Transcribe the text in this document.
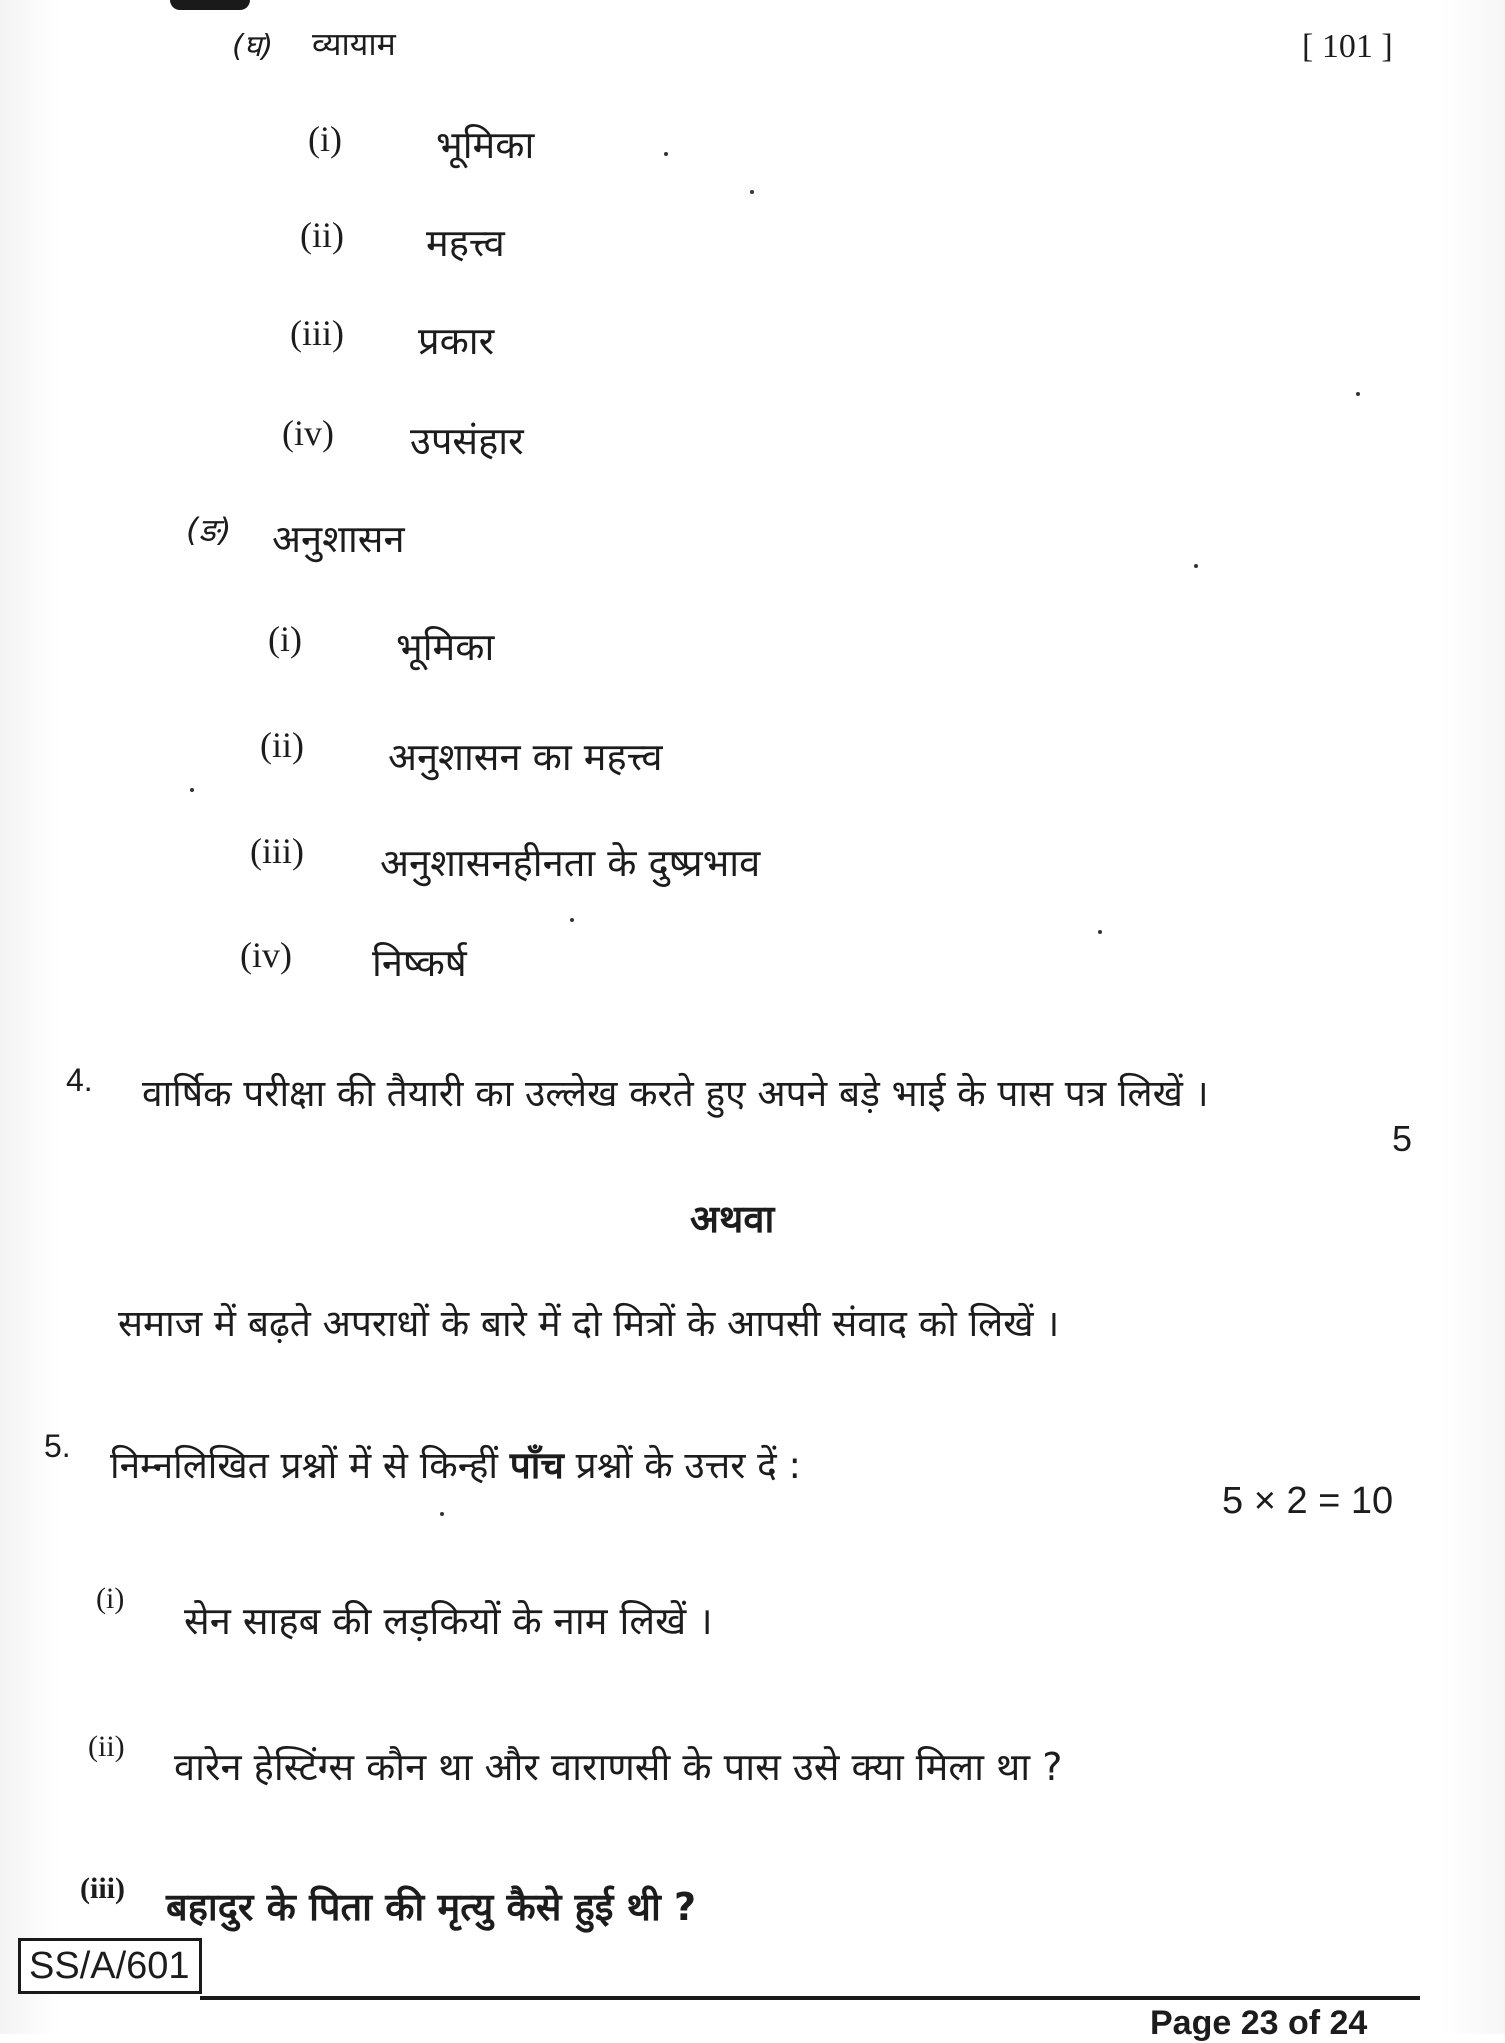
[ 101 ]
(घ) व्यायाम
(i) भूमिका
(ii) महत्त्व
(iii) प्रकार
(iv) उपसंहार
(ङ) अनुशासन
(i) भूमिका
(ii) अनुशासन का महत्त्व
(iii) अनुशासनहीनता के दुष्प्रभाव
(iv) निष्कर्ष
4. वार्षिक परीक्षा की तैयारी का उल्लेख करते हुए अपने बड़े भाई के पास पत्र लिखें ।
5
अथवा
समाज में बढ़ते अपराधों के बारे में दो मित्रों के आपसी संवाद को लिखें ।
5. निम्नलिखित प्रश्नों में से किन्हीं पाँच प्रश्नों के उत्तर दें :
5 × 2 = 10
(i)
सेन साहब की लड़कियों के नाम लिखें ।
(ii) वारेन हेस्टिंग्स कौन था और वाराणसी के पास उसे क्या मिला था ?
(iii) बहादुर के पिता की मृत्यु कैसे हुई थी ?
SS/A/601
Page 23 of 24
